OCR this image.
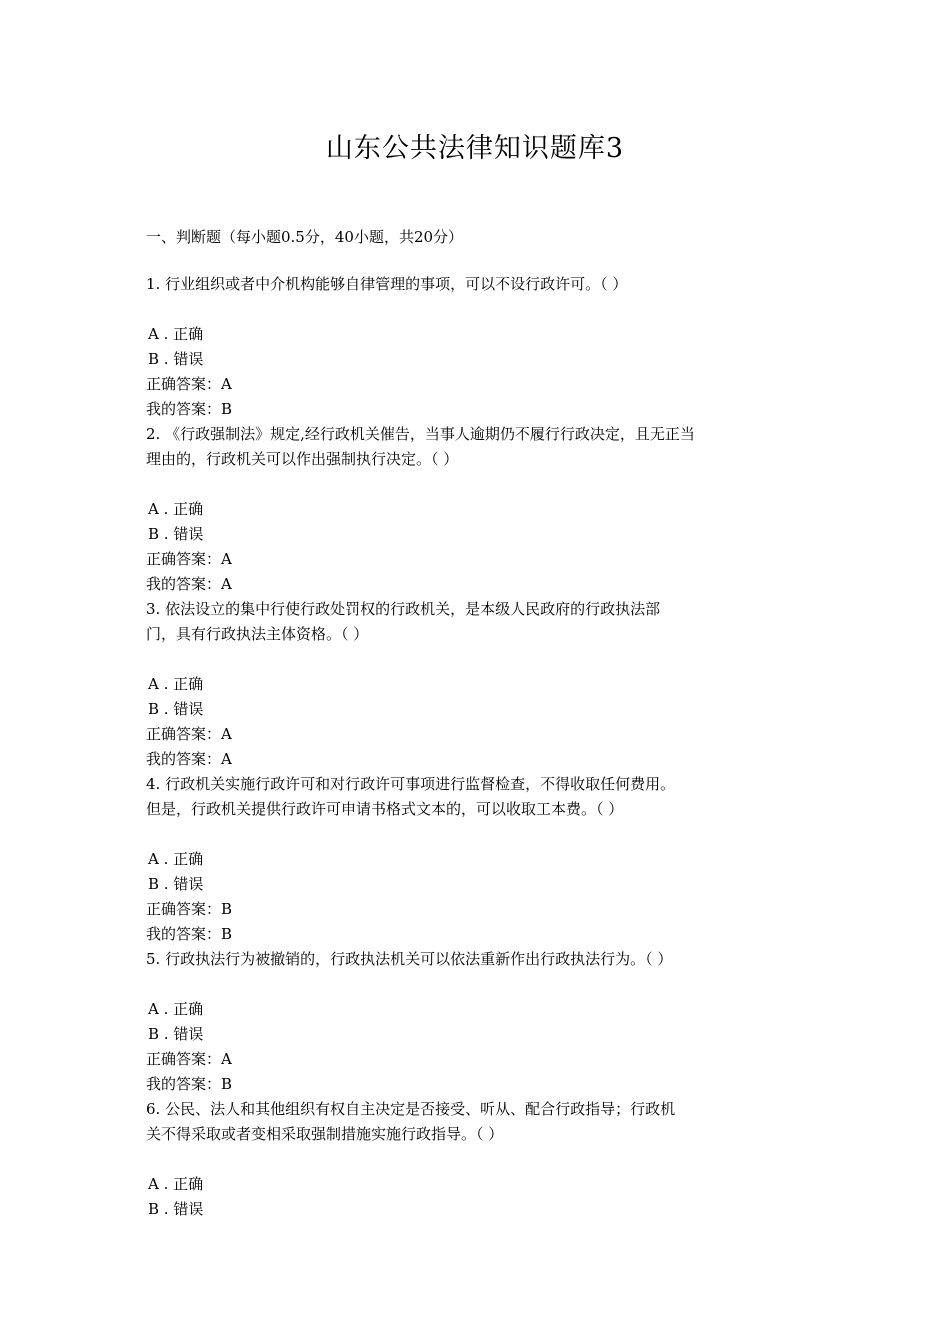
山东公共法律知识题库3
一、判断题（每小题0.5分，40小题，共20分）
1. 行业组织或者中介机构能够自律管理的事项，可以不设行政许可。（ ）
A . 正确
B . 错误
正确答案：A
我的答案：B
2. 《行政强制法》规定,经行政机关催告，当事人逾期仍不履行行政决定，且无正当
理由的，行政机关可以作出强制执行决定。（ ）
A . 正确
B . 错误
正确答案：A
我的答案：A
3. 依法设立的集中行使行政处罚权的行政机关，是本级人民政府的行政执法部
门，具有行政执法主体资格。（ ）
A . 正确
B . 错误
正确答案：A
我的答案：A
4. 行政机关实施行政许可和对行政许可事项进行监督检查，不得收取任何费用。
但是，行政机关提供行政许可申请书格式文本的，可以收取工本费。（ ）
A . 正确
B . 错误
正确答案：B
我的答案：B
5. 行政执法行为被撤销的，行政执法机关可以依法重新作出行政执法行为。（ ）
A . 正确
B . 错误
正确答案：A
我的答案：B
6. 公民、法人和其他组织有权自主决定是否接受、听从、配合行政指导；行政机
关不得采取或者变相采取强制措施实施行政指导。（ ）
A . 正确
B . 错误
